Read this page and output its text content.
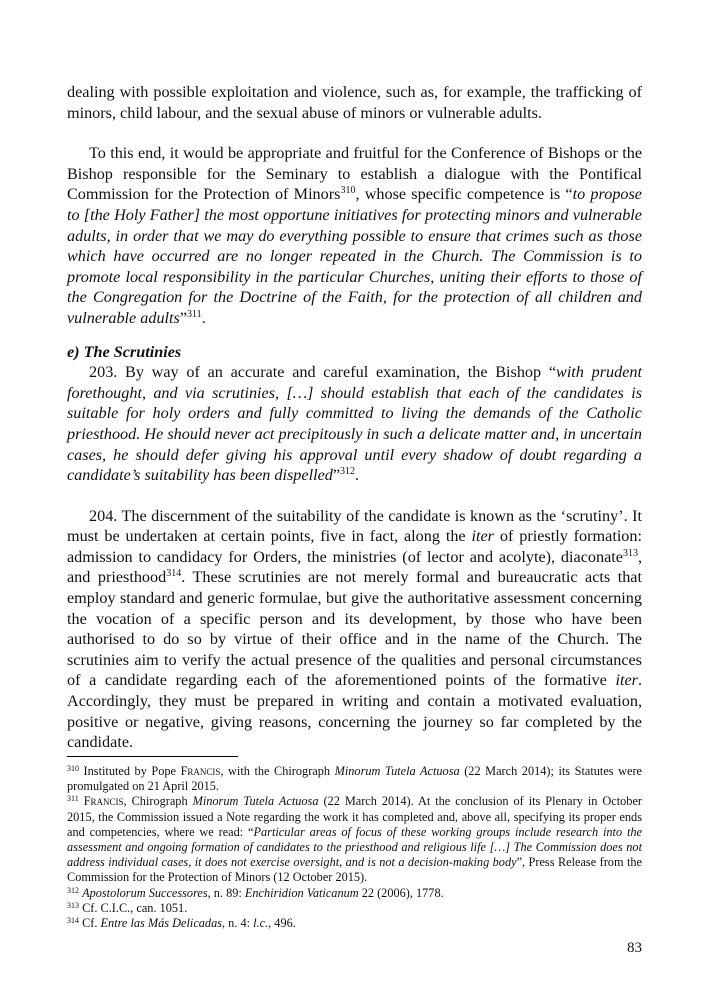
dealing with possible exploitation and violence, such as, for example, the trafficking of minors, child labour, and the sexual abuse of minors or vulnerable adults.

To this end, it would be appropriate and fruitful for the Conference of Bishops or the Bishop responsible for the Seminary to establish a dialogue with the Pontifical Commission for the Protection of Minors$^{310}$, whose specific competence is “to propose to [the Holy Father] the most opportune initiatives for protecting minors and vulnerable adults, in order that we may do everything possible to ensure that crimes such as those which have occurred are no longer repeated in the Church. The Commission is to promote local responsibility in the particular Churches, uniting their efforts to those of the Congregation for the Doctrine of the Faith, for the protection of all children and vulnerable adults”$^{311}$.

e) The Scrutinies

203. By way of an accurate and careful examination, the Bishop “with prudent forethought, and via scrutinies, […] should establish that each of the candidates is suitable for holy orders and fully committed to living the demands of the Catholic priesthood. He should never act precipitously in such a delicate matter and, in uncertain cases, he should defer giving his approval until every shadow of doubt regarding a candidate’s suitability has been dispelled”$^{312}$.

204. The discernment of the suitability of the candidate is known as the ‘scrutiny’. It must be undertaken at certain points, five in fact, along the iter of priestly formation: admission to candidacy for Orders, the ministries (of lector and acolyte), diaconate$^{313}$, and priesthood$^{314}$. These scrutinies are not merely formal and bureaucratic acts that employ standard and generic formulae, but give the authoritative assessment concerning the vocation of a specific person and its development, by those who have been authorised to do so by virtue of their office and in the name of the Church. The scrutinies aim to verify the actual presence of the qualities and personal circumstances of a candidate regarding each of the aforementioned points of the formative iter. Accordingly, they must be prepared in writing and contain a motivated evaluation, positive or negative, giving reasons, concerning the journey so far completed by the candidate.

$^{310}$ Instituted by Pope Francis, with the Chirograph Minorum Tutela Actuosa (22 March 2014); its Statutes were promulgated on 21 April 2015.

$^{311}$ Francis, Chirograph Minorum Tutela Actuosa (22 March 2014). At the conclusion of its Plenary in October 2015, the Commission issued a Note regarding the work it has completed and, above all, specifying its proper ends and competencies, where we read: “Particular areas of focus of these working groups include research into the assessment and ongoing formation of candidates to the priesthood and religious life […] The Commission does not address individual cases, it does not exercise oversight, and is not a decision-making body”, Press Release from the Commission for the Protection of Minors (12 October 2015).

$^{312}$ Apostolorum Successores, n. 89: Enchiridion Vaticanum 22 (2006), 1778.

$^{313}$ Cf. C.I.C., can. 1051.

$^{314}$ Cf. Entre las Más Delicadas, n. 4: l.c., 496.

83
